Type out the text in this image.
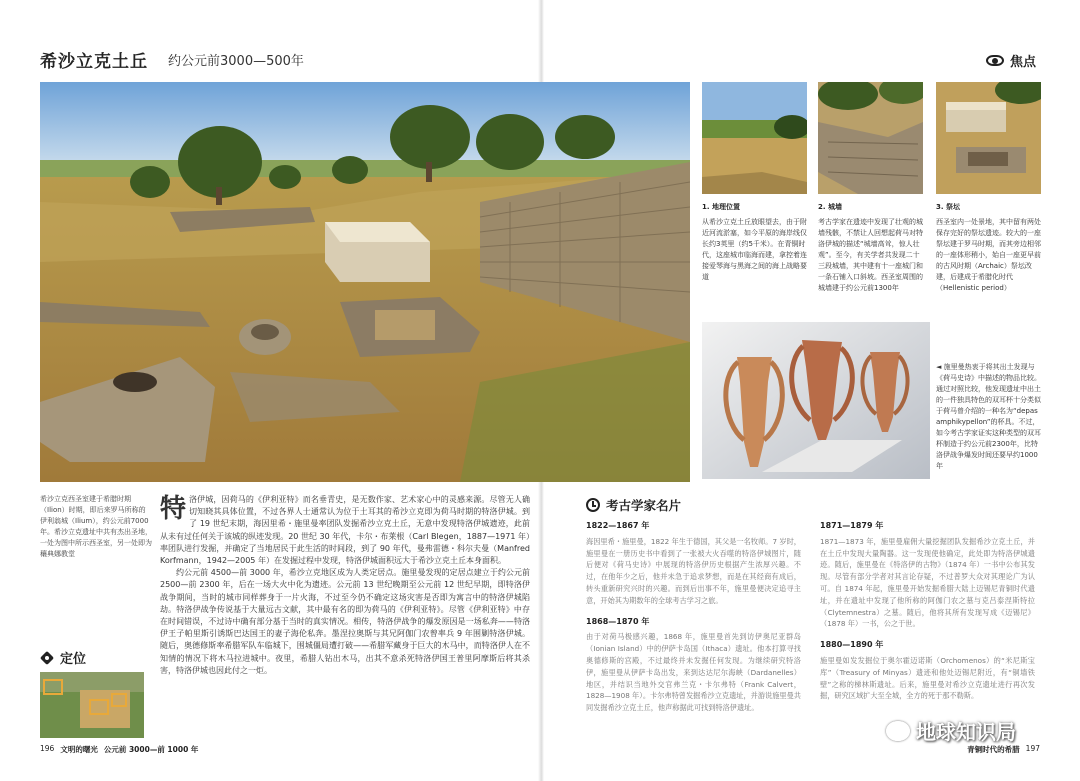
希沙立克土丘 约公元前3000—500年	焦点
1. 地理位置
从希沙立克土丘放眼望去，由于附近河流淤塞，如今平原的海岸线仅长约3英里（约5千米）。在青铜时代，这座城市临海而建，拿控着连接爱琴海与黑海之间的海上战略要道
2. 城墙
考古学家在遗迹中发现了壮观的城墙残骸，不禁让人回想起荷马对特洛伊城的描述“城墙高耸，惊人壮观”。至今，有关学者共发现二十三段城墙，其中建有十一座城门和一条石铺入口斜坡。西圣室周围的城墙建于约公元前1300年
3. 祭坛
西圣室内一处景地，其中留有两处保存完好的祭坛遗迹。较大的一座祭坛建于罗马时期，而其旁边相邻的一座体形稍小，始自一座更早前的古风时期（Archaic）祭坛改建，后建成于希腊化时代（Hellenistic period）
◄ 施里曼热衷于将其出土发现与《荷马史诗》中描述的物品比较。通过对照比较，他发现遗址中出土的一件独具特色的双耳杯十分类似于荷马曾介绍的一种名为“depas amphikypellon”的杯具。不过，如今考古学家证实这种类型的双耳杯制造于约公元前2300年，比特洛伊战争爆发时间还要早约1000年
希沙立克西圣室建于希腊时期（Ilion）时期，即后来罗马所称的伊利翁城（Ilium），约公元前7000年。希沙立克遗址中共有杰出圣地，一处为图中所示西圣室，另一处即为穰典娜教堂
特 洛伊城，因荷马的《伊利亚特》而名垂青史，是无数作家、艺术家心中的灵感来源。尽管无人确切知晓其具体位置，不过各界人士通常认为位于土耳其的希沙立克即为荷马时期的特洛伊城。到了 19 世纪末期，海因里希・施里曼率团队发掘希沙立克土丘，无意中发现特洛伊城遗迹，此前从未有过任何关于该城的纵迹发现。20 世纪 30 年代，卡尔・布莱根（Carl Blegen，1887—1971 年）率团队进行发掘，并确定了当地居民于此生活的时间段，到了 90 年代，曼弗雷德・科尔夫曼（Manfred Korfmann，1942—2005 年）在发掘过程中发现，特洛伊城面积远大于希沙立克土丘本身面积。

约公元前 4500—前 3000 年，希沙立克地区成为人类定居点。施里曼发现的定居点建立于约公元前 2500—前 2300 年，后在一场大火中化为遗迹。公元前 13 世纪晚期至公元前 12 世纪早期，即特洛伊战争期间，当时的城市同样葬身于一片火海，不过至今仍不确定这场灾害是否即为寓言中的特洛伊城陷劫。特洛伊战争传说基于大量远古文献，其中最有名的即为荷马的《伊利亚特》。尽管《伊利亚特》中存在时间错误，不过诗中确有部分基于当时的真实情况。相传，特洛伊战争的爆发原因是一场私奔——特洛伊王子帕里斯引诱斯巴达国王的妻子海伦私奔。墨涅拉奥斯与其兄阿伽门农曾率兵 9 年围剿特洛伊城。随后，奥德修斯率希腊军队车临城下，围城僵局遭打破——希腊军藏身于巨大的木马中，而特洛伊人在不知情的情况下将木马拉进城中。夜里，希腊人钻出木马，出其不意杀死特洛伊国王普里阿摩斯后将其杀害，特洛伊城也因此付之一炬。

定位
考古学家名片
1822—1867 年
海因里希・施里曼，1822 年生于德国，其父是一名牧师。7 岁时，施里曼在一册历史书中看到了一张被大火吞噬的特洛伊城图片，随后便对《荷马史诗》中展现的特洛伊历史根据产生浓厚兴趣。不过，在他年少之后，他并未急于追求梦想，而是在其经商有成后，转头重新研究兴时的兴趣。而到后出事不年，施里曼便决定追寻主意，开始其为期数年的全球考古学习之旅。
1868—1870 年
由于对荷马极感兴趣，1868 年，施里曼首先到访伊奥尼亚群岛（Ionian Island）中的伊萨卡岛国（Ithaca）遗址。他本打算寻找奥德修斯的宫殿，不过最终并未发掘任何发现。为继续研究特洛伊，施里曼从伊萨卡岛出发，来到达达尼尔海峡（Dardanelles）地区，并结识当地外交官弗兰克・卡尔弗特（Frank Calvert，1828—1908 年）。卡尔弗特曾发掘希沙立克遗址，并游说施里曼共同发掘希沙立克土丘，他声称据此可找到特洛伊遗址。
1871—1879 年
1871—1873 年，施里曼雇佣大量挖掘团队发掘希沙立克土丘，并在土丘中发现大量陶器。这一发现使他确定，此处即为特洛伊城遗迹。随后，施里曼在《特洛伊的古物》（1874 年）一书中公布其发现。尽管有部分学者对其言论存疑，不过普罗大众对其理论广为认可。自 1874 年起，施里曼开始发掘希腊大陆上迈锡尼青铜时代遗址，并在遗址中发现了他所称的阿伽门农之墓与克吕泰涅斯特拉（Clytemnestra）之墓。随后，他将其所有发现写成《迈锡尼》（1878 年）一书，公之于世。
1880—1890 年
施里曼如发发掘位于奥尔霍迈诺斯（Orchomenos）的“米尼斯宝库”（Treasury of Minyas）遗迹和他处迈锡尼附近，有“铜墙铁壁”之称的梯林斯遗址。后来，施里曼对希沙立克遗址进行再次发掘，研究区域扩大至全城，全方的死于那不勒斯。
地球知识局
196 文明的曙光 公元前 3000—前 1000 年	青铜时代的希腊 197
